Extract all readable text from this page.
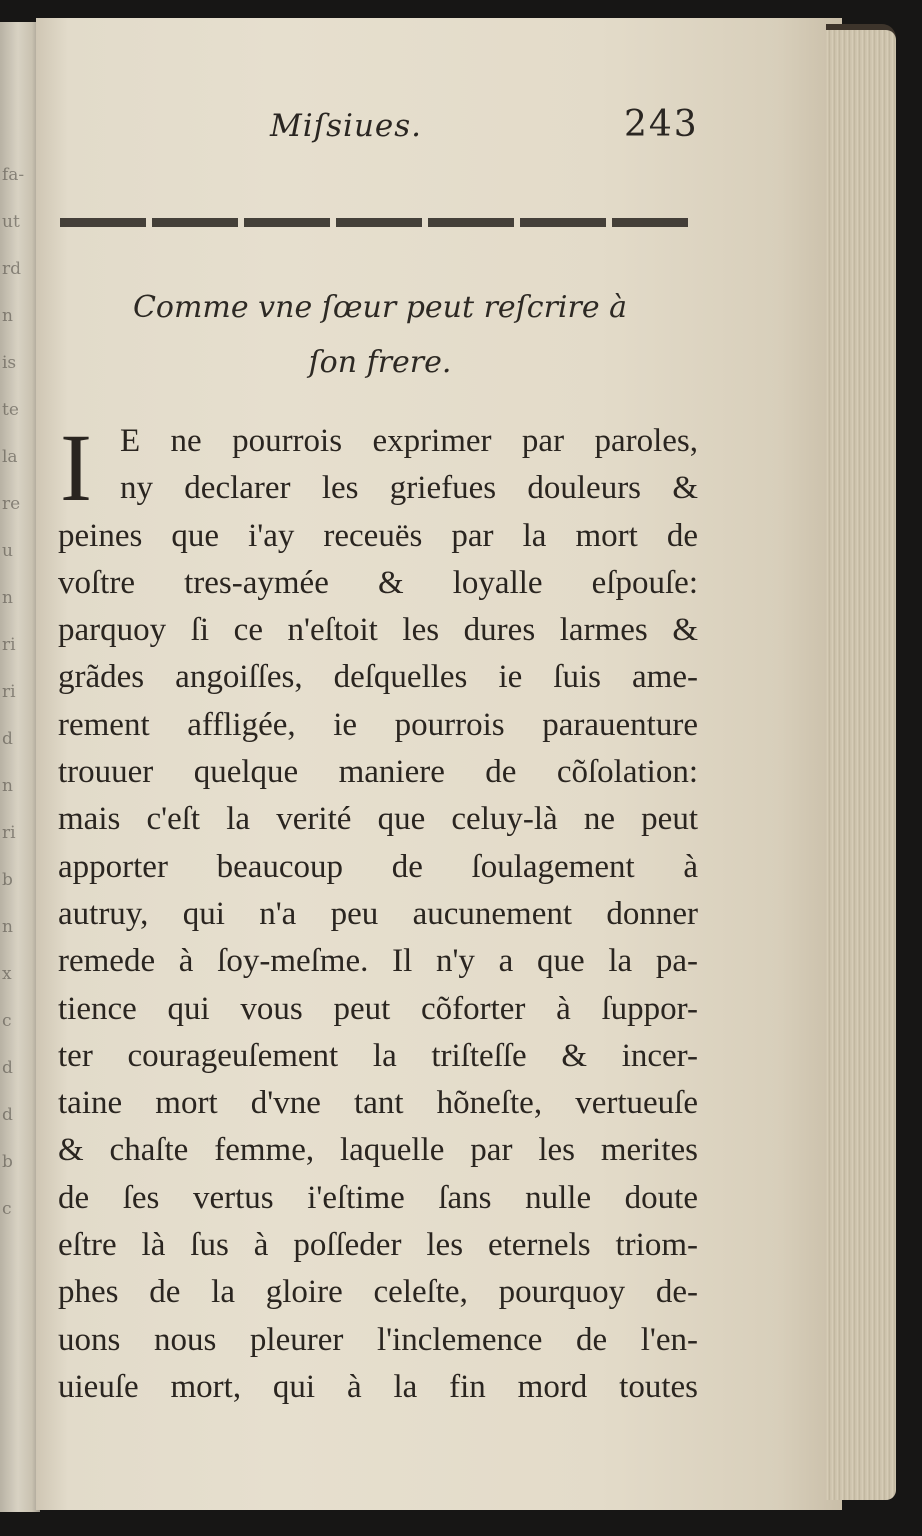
fa-
ut
rd
n
is
te
la
re
u
n
ri
ri
d
n
ri
b
n
x
c
d
d
b
c
Miſsiues.	243
Comme vne ſœur peut reſcrire à
ſon frere.
I E ne pourrois exprimer par paroles,
ny declarer les griefues douleurs &
peines que i'ay receuës par la mort de
voſtre tres-aymée & loyalle eſpouſe:
parquoy ſi ce n'eſtoit les dures larmes &
grãdes angoiſſes, deſquelles ie ſuis ame-
rement affligée, ie pourrois parauenture
trouuer quelque maniere de cõſolation:
mais c'eſt la verité que celuy-là ne peut
apporter beaucoup de ſoulagement à
autruy, qui n'a peu aucunement donner
remede à ſoy-meſme. Il n'y a que la pa-
tience qui vous peut cõforter à ſuppor-
ter courageuſement la triſteſſe & incer-
taine mort d'vne tant hõneſte, vertueuſe
& chaſte femme, laquelle par les merites
de ſes vertus i'eſtime ſans nulle doute
eſtre là ſus à poſſeder les eternels triom-
phes de la gloire celeſte, pourquoy de-
uons nous pleurer l'inclemence de l'en-
uieuſe mort, qui à la fin mord toutes
